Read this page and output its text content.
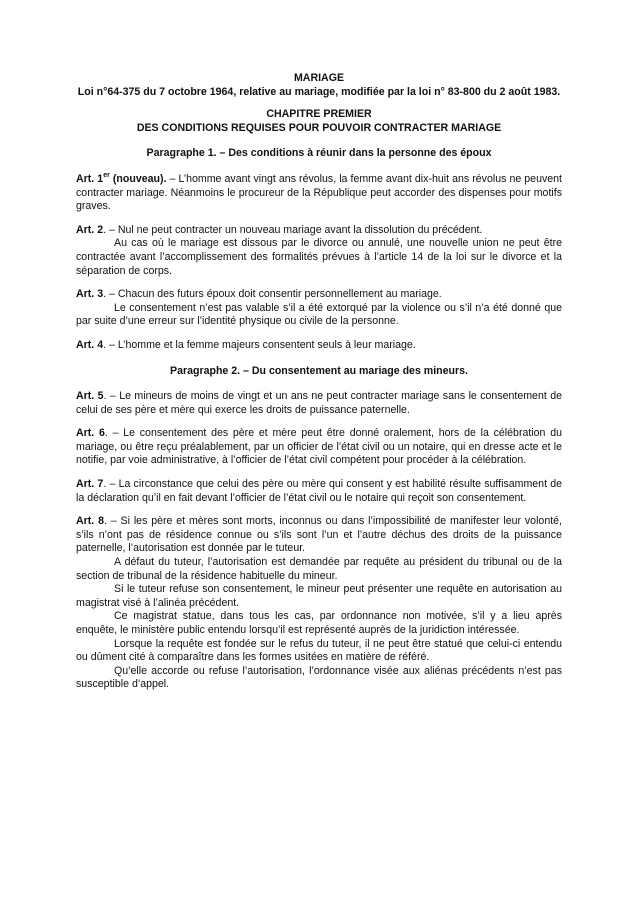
MARIAGE
Loi n°64-375 du 7 octobre 1964, relative au mariage, modifiée par la loi n° 83-800 du 2 août 1983.
CHAPITRE PREMIER
DES CONDITIONS REQUISES POUR POUVOIR CONTRACTER MARIAGE
Paragraphe 1. – Des conditions à réunir dans la personne des époux

Art. 1er (nouveau). – L’homme avant vingt ans révolus, la femme avant dix-huit ans révolus ne peuvent contracter mariage. Néanmoins le procureur de la République peut accorder des dispenses pour motifs graves.

Art. 2. – Nul ne peut contracter un nouveau mariage avant la dissolution du précédent.

Au cas où le mariage est dissous par le divorce ou annulé, une nouvelle union ne peut être contractée avant l’accomplissement des formalités prévues à l’article 14 de la loi sur le divorce et la séparation de corps.

Art. 3. – Chacun des futurs époux doit consentir personnellement au mariage.

Le consentement n’est pas valable s’il a été extorqué par la violence ou s’il n’a été donné que par suite d’une erreur sur l’identité physique ou civile de la personne.

Art. 4. – L’homme et la femme majeurs consentent seuls à leur mariage.

Paragraphe 2. – Du consentement au mariage des mineurs.

Art. 5. – Le mineurs de moins de vingt et un ans ne peut contracter mariage sans le consentement de celui de ses père et mère qui exerce les droits de puissance paternelle.

Art. 6. – Le consentement des père et mère peut être donné oralement, hors de la célébration du mariage, ou être reçu préalablement, par un officier de l’état civil ou un notaire, qui en dresse acte et le notifie, par voie administrative, à l’officier de l’état civil compétent pour procéder à la célébration.

Art. 7. – La circonstance que celui des père ou mère qui consent y est habilité résulte suffisamment de la déclaration qu’il en fait devant l’officier de l’état civil ou le notaire qui reçoit son consentement.

Art. 8. – Si les père et mères sont morts, inconnus ou dans l’impossibilité de manifester leur volonté, s’ils n’ont pas de résidence connue ou s’ils sont l’un et l’autre déchus des droits de la puissance paternelle, l’autorisation est donnée par le tuteur.

A défaut du tuteur, l’autorisation est demandée par requête au président du tribunal ou de la section de tribunal de la résidence habituelle du mineur.

Si le tuteur refuse son consentement, le mineur peut présenter une requête en autorisation au magistrat visé à l’alinéa précédent.

Ce magistrat statue, dans tous les cas, par ordonnance non motivée, s’il y a lieu après enquête, le ministère public entendu lorsqu’il est représenté auprès de la juridiction intéressée.

Lorsque la requête est fondée sur le refus du tuteur, il ne peut être statué que celui-ci entendu ou dûment cité à comparaître dans les formes usitées en matière de référé.

Qu’elle accorde ou refuse l’autorisation, l’ordonnance visée aux aliénas précédents n’est pas susceptible d’appel.
